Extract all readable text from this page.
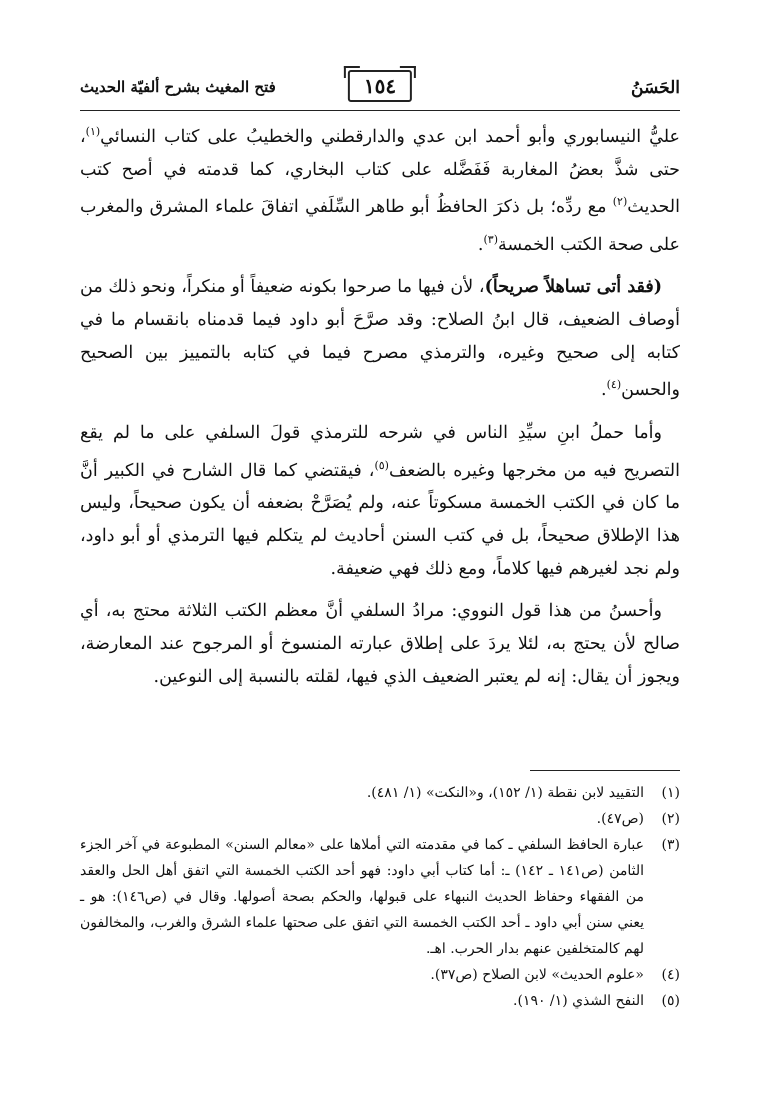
الحَسَنُ
١٥٤
فتح المغيث بشرح ألفيّة الحديث

عليُّ النيسابوري وأبو أحمد ابن عدي والدارقطني والخطيبُ على كتاب النسائي$^{(١)}$، حتى شذَّ بعضُ المغاربة فَفَضَّله على كتاب البخاري، كما قدمته في أصح كتب الحديث$^{(٢)}$ مع ردِّه؛ بل ذكرَ الحافظُ أبو طاهر السِّلَفي اتفاقَ علماء المشرق والمغرب على صحة الكتب الخمسة$^{(٣)}$.

(فقد أتى تساهلاً صريحاً)، لأن فيها ما صرحوا بكونه ضعيفاً أو منكراً، ونحو ذلك من أوصاف الضعيف، قال ابنُ الصلاح: وقد صرَّحَ أبو داود فيما قدمناه بانقسام ما في كتابه إلى صحيح وغيره، والترمذي مصرح فيما في كتابه بالتمييز بين الصحيح والحسن$^{(٤)}$.

وأما حملُ ابنِ سيِّدِ الناس في شرحه للترمذي قولَ السلفي على ما لم يقع التصريح فيه من مخرجها وغيره بالضعف$^{(٥)}$، فيقتضي كما قال الشارح في الكبير أنَّ ما كان في الكتب الخمسة مسكوتاً عنه، ولم يُصَرَّحْ بضعفه أن يكون صحيحاً، وليس هذا الإطلاق صحيحاً، بل في كتب السنن أحاديث لم يتكلم فيها الترمذي أو أبو داود، ولم نجد لغيرهم فيها كلاماً، ومع ذلك فهي ضعيفة.

وأحسنُ من هذا قول النووي: مرادُ السلفي أنَّ معظم الكتب الثلاثة محتج به، أي صالح لأن يحتج به، لئلا يردَ على إطلاق عبارته المنسوخ أو المرجوح عند المعارضة، ويجوز أن يقال: إنه لم يعتبر الضعيف الذي فيها، لقلته بالنسبة إلى النوعين.

(١)
التقييد لابن نقطة (١/ ١٥٢)، و«النكت» (١/ ٤٨١).

(٢)
(ص٤٧).

(٣)
عبارة الحافظ السلفي ـ كما في مقدمته التي أملاها على «معالم السنن» المطبوعة في آخر الجزء الثامن (ص١٤١ ـ ١٤٢) ـ: أما كتاب أبي داود: فهو أحد الكتب الخمسة التي اتفق أهل الحل والعقد من الفقهاء وحفاظ الحديث النبهاء على قبولها، والحكم بصحة أصولها. وقال في (ص١٤٦): هو ـ يعني سنن أبي داود ـ أحد الكتب الخمسة التي اتفق على صحتها علماء الشرق والغرب، والمخالفون لهم كالمتخلفين عنهم بدار الحرب. اهـ.

(٤)
«علوم الحديث» لابن الصلاح (ص٣٧).

(٥)
النفح الشذي (١/ ١٩٠).
